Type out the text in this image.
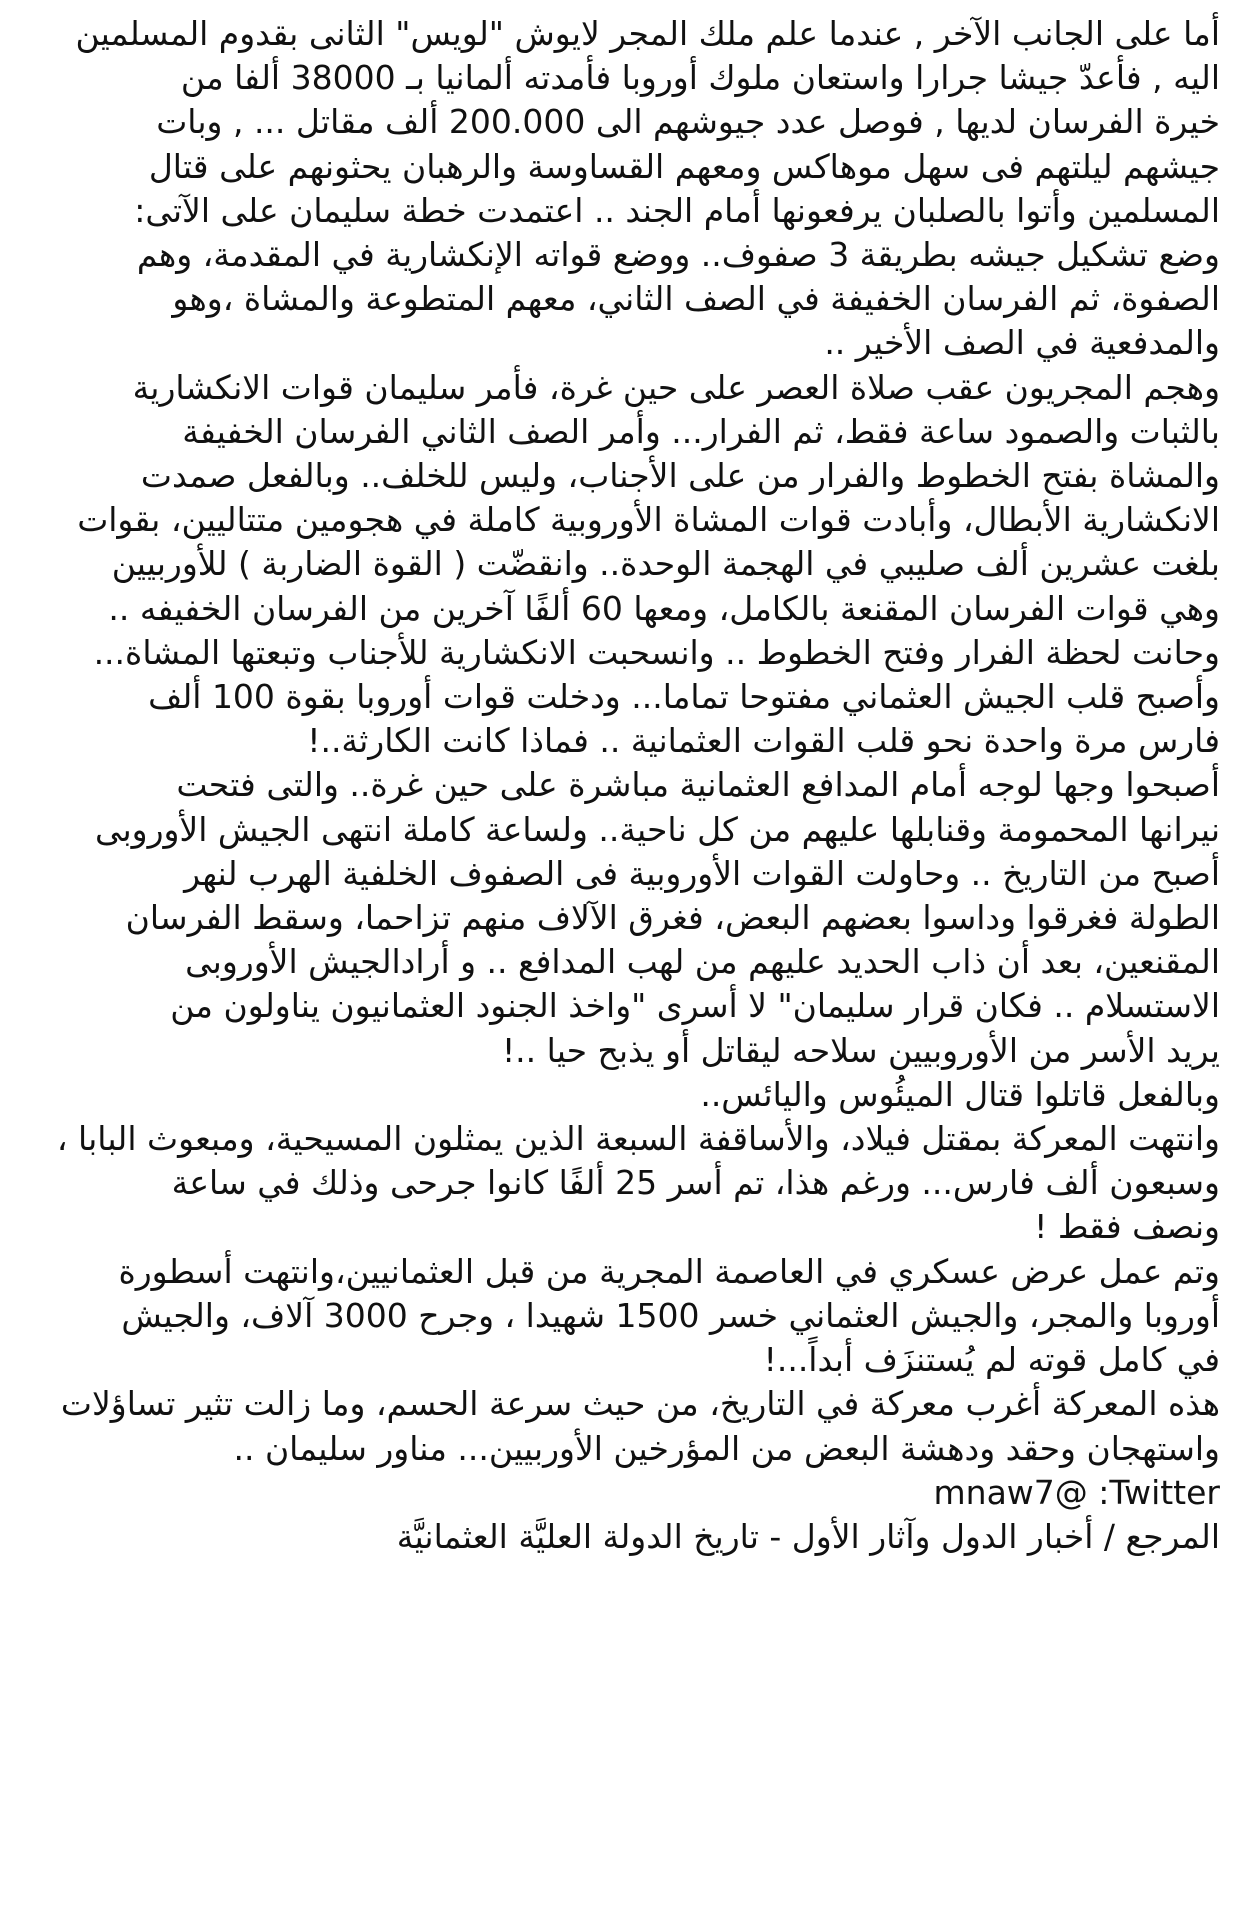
أما على الجانب الآخر , عندما علم ملك المجر لايوش "لويس" الثانى بقدوم المسلمين
اليه , فأعدّ جيشا جرارا واستعان ملوك أوروبا فأمدته ألمانيا بـ 38000 ألفا من
خيرة الفرسان لديها , فوصل عدد جيوشهم الى 200.000 ألف مقاتل ... , وبات
جيشهم ليلتهم فى سهل موهاكس ومعهم القساوسة والرهبان يحثونهم على قتال
المسلمين وأتوا بالصلبان يرفعونها أمام الجند .. اعتمدت خطة سليمان على الآتى:
وضع تشكيل جيشه بطريقة 3 صفوف.. ووضع قواته الإنكشارية في المقدمة، وهم
الصفوة، ثم الفرسان الخفيفة في الصف الثاني، معهم المتطوعة والمشاة ،وهو
والمدفعية في الصف الأخير ..
وهجم المجريون عقب صلاة العصر على حين غرة، فأمر سليمان قوات الانكشارية
بالثبات والصمود ساعة فقط، ثم الفرار... وأمر الصف الثاني الفرسان الخفيفة
والمشاة بفتح الخطوط والفرار من على الأجناب، وليس للخلف.. وبالفعل صمدت
الانكشارية الأبطال، وأبادت قوات المشاة الأوروبية كاملة في هجومين متتاليين، بقوات
بلغت عشرين ألف صليبي في الهجمة الوحدة.. وانقضّت ( القوة الضاربة ) للأوربيين
وهي قوات الفرسان المقنعة بالكامل، ومعها 60 ألفًا آخرين من الفرسان الخفيفه ..
وحانت لحظة الفرار وفتح الخطوط .. وانسحبت الانكشارية للأجناب وتبعتها المشاة...
وأصبح قلب الجيش العثماني مفتوحا تماما... ودخلت قوات أوروبا بقوة 100 ألف
فارس مرة واحدة نحو قلب القوات العثمانية .. فماذا كانت الكارثة..!
أصبحوا وجها لوجه أمام المدافع العثمانية مباشرة على حين غرة.. والتى فتحت
نيرانها المحمومة وقنابلها عليهم من كل ناحية.. ولساعة كاملة انتهى الجيش الأوروبى
أصبح من التاريخ .. وحاولت القوات الأوروبية فى الصفوف الخلفية الهرب لنهر
الطولة فغرقوا وداسوا بعضهم البعض، فغرق الآلاف منهم تزاحما، وسقط الفرسان
المقنعين، بعد أن ذاب الحديد عليهم من لهب المدافع .. و أرادالجيش الأوروبى
الاستسلام .. فكان قرار سليمان" لا أسرى "واخذ الجنود العثمانيون يناولون من
يريد الأسر من الأوروبيين سلاحه ليقاتل أو يذبح حيا ..!
وبالفعل قاتلوا قتال الميئُوس واليائس..
وانتهت المعركة بمقتل فيلاد، والأساقفة السبعة الذين يمثلون المسيحية، ومبعوث البابا ،
وسبعون ألف فارس... ورغم هذا، تم أسر 25 ألفًا كانوا جرحى وذلك في ساعة
ونصف فقط !
وتم عمل عرض عسكري في العاصمة المجرية من قبل العثمانيين،وانتهت أسطورة
أوروبا والمجر، والجيش العثماني خسر 1500 شهيدا ، وجرح 3000 آلاف، والجيش
في كامل قوته لم يُستنزَف أبداً...!
هذه المعركة أغرب معركة في التاريخ، من حيث سرعة الحسم، وما زالت تثير تساؤلات
واستهجان وحقد ودهشة البعض من المؤرخين الأوربيين... مناور سليمان ..
mnaw7@ :Twitter
المرجع / أخبار الدول وآثار الأول - تاريخ الدولة العليَّة العثمانيَّة
